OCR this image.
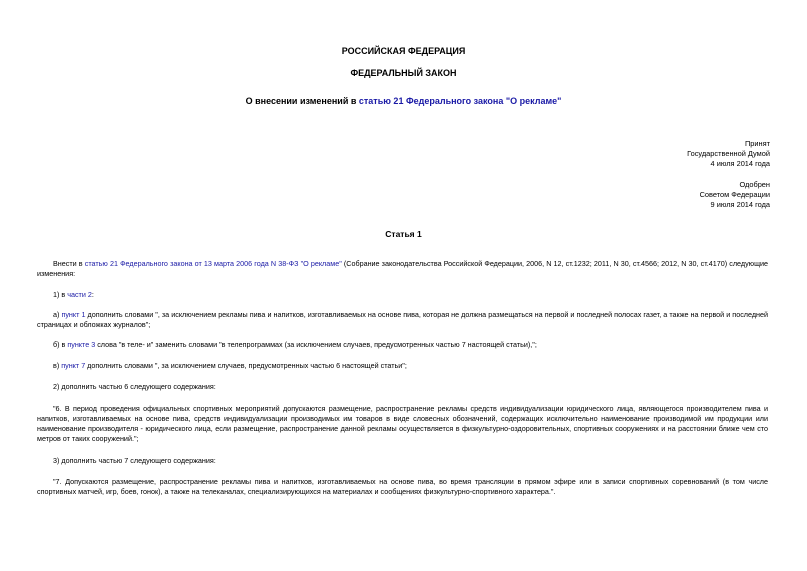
РОССИЙСКАЯ ФЕДЕРАЦИЯ
ФЕДЕРАЛЬНЫЙ ЗАКОН
О внесении изменений в статью 21 Федерального закона "О рекламе"
Принят
Государственной Думой
4 июля 2014 года
Одобрен
Советом Федерации
9 июля 2014 года
Статья 1

Внести в статью 21 Федерального закона от 13 марта 2006 года N 38-ФЗ "О рекламе" (Собрание законодательства Российской Федерации, 2006, N 12, ст.1232; 2011, N 30, ст.4566; 2012, N 30, ст.4170) следующие изменения:

1) в части 2:

а) пункт 1 дополнить словами ", за исключением рекламы пива и напитков, изготавливаемых на основе пива, которая не должна размещаться на первой и последней полосах газет, а также на первой и последней страницах и обложках журналов";

б) в пункте 3 слова "в теле- и" заменить словами "в телепрограммах (за исключением случаев, предусмотренных частью 7 настоящей статьи),";

в) пункт 7 дополнить словами ", за исключением случаев, предусмотренных частью 6 настоящей статьи";

2) дополнить частью 6 следующего содержания:

"6. В период проведения официальных спортивных мероприятий допускаются размещение, распространение рекламы средств индивидуализации юридического лица, являющегося производителем пива и напитков, изготавливаемых на основе пива, средств индивидуализации производимых им товаров в виде словесных обозначений, содержащих исключительно наименование производимой им продукции или наименование производителя - юридического лица, если размещение, распространение данной рекламы осуществляется в физкультурно-оздоровительных, спортивных сооружениях и на расстоянии ближе чем сто метров от таких сооружений.";

3) дополнить частью 7 следующего содержания:

"7. Допускаются размещение, распространение рекламы пива и напитков, изготавливаемых на основе пива, во время трансляции в прямом эфире или в записи спортивных соревнований (в том числе спортивных матчей, игр, боев, гонок), а также на телеканалах, специализирующихся на материалах и сообщениях физкультурно-спортивного характера.".
